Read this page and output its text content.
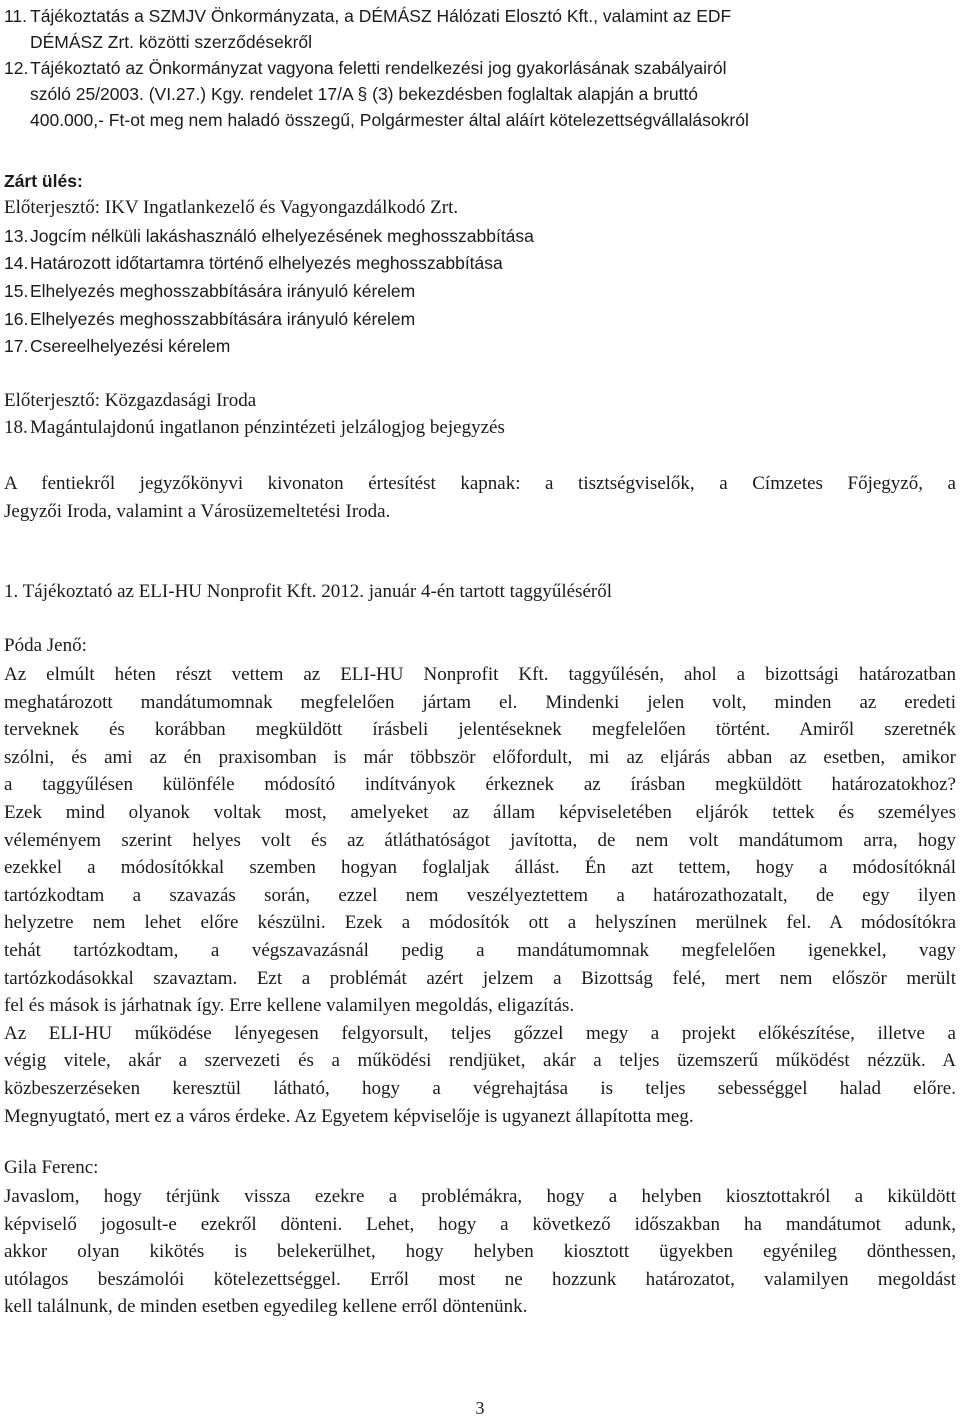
11. Tájékoztatás a SZMJV Önkormányzata, a DÉMÁSZ Hálózati Elosztó Kft., valamint az EDF
DÉMÁSZ Zrt. közötti szerződésekről
12.Tájékoztató az Önkormányzat vagyona feletti rendelkezési jog gyakorlásának szabályairól
szóló 25/2003. (VI.27.) Kgy. rendelet 17/A § (3) bekezdésben foglaltak alapján a bruttó
400.000,- Ft-ot meg nem haladó összegű, Polgármester által aláírt kötelezettségvállalásokról
Zárt ülés:
Előterjesztő: IKV Ingatlankezelő és Vagyongazdálkodó Zrt.
13.Jogcím nélküli lakáshasználó elhelyezésének meghosszabbítása
14.Határozott időtartamra történő elhelyezés meghosszabbítása
15.Elhelyezés meghosszabbítására irányuló kérelem
16.Elhelyezés meghosszabbítására irányuló kérelem
17.Csereelhelyezési kérelem
Előterjesztő: Közgazdasági Iroda
18. Magántulajdonú ingatlanon pénzintézeti jelzálogjog bejegyzés
A fentiekről jegyzőkönyvi kivonaton értesítést kapnak: a tisztségviselők, a Címzetes Főjegyző, a
Jegyzői Iroda, valamint a Városüzemeltetési Iroda.
1. Tájékoztató az ELI-HU Nonprofit Kft. 2012. január 4-én tartott taggyűléséről
Póda Jenő:
Az elmúlt héten részt vettem az ELI-HU Nonprofit Kft. taggyűlésén, ahol a bizottsági határozatban
meghatározott mandátumomnak megfelelően jártam el. Mindenki jelen volt, minden az eredeti
terveknek és korábban megküldött írásbeli jelentéseknek megfelelően történt. Amiről szeretnék
szólni, és ami az én praxisomban is már többször előfordult, mi az eljárás abban az esetben, amikor
a taggyűlésen különféle módosító indítványok érkeznek az írásban megküldött határozatokhoz?
Ezek mind olyanok voltak most, amelyeket az állam képviseletében eljárók tettek és személyes
véleményem szerint helyes volt és az átláthatóságot javította, de nem volt mandátumom arra, hogy
ezekkel a módosítókkal szemben hogyan foglaljak állást. Én azt tettem, hogy a módosítóknál
tartózkodtam a szavazás során, ezzel nem veszélyeztettem a határozathozatalt, de egy ilyen
helyzetre nem lehet előre készülni. Ezek a módosítók ott a helyszínen merülnek fel. A módosítókra
tehát tartózkodtam, a végszavazásnál pedig a mandátumomnak megfelelően igenekkel, vagy
tartózkodásokkal szavaztam. Ezt a problémát azért jelzem a Bizottság felé, mert nem először merült
fel és mások is járhatnak így. Erre kellene valamilyen megoldás, eligazítás.
Az ELI-HU működése lényegesen felgyorsult, teljes gőzzel megy a projekt előkészítése, illetve a
végig vitele, akár a szervezeti és a működési rendjüket, akár a teljes üzemszerű működést nézzük. A
közbeszerzéseken keresztül látható, hogy a végrehajtása is teljes sebességgel halad előre.
Megnyugtató, mert ez a város érdeke. Az Egyetem képviselője is ugyanezt állapította meg.
Gila Ferenc:
Javaslom, hogy térjünk vissza ezekre a problémákra, hogy a helyben kiosztottakról a kiküldött
képviselő jogosult-e ezekről dönteni. Lehet, hogy a következő időszakban ha mandátumot adunk,
akkor olyan kikötés is belekerülhet, hogy helyben kiosztott ügyekben egyénileg dönthessen,
utólagos beszámolói kötelezettséggel. Erről most ne hozzunk határozatot, valamilyen megoldást
kell találnunk, de minden esetben egyedileg kellene erről döntenünk.
3
